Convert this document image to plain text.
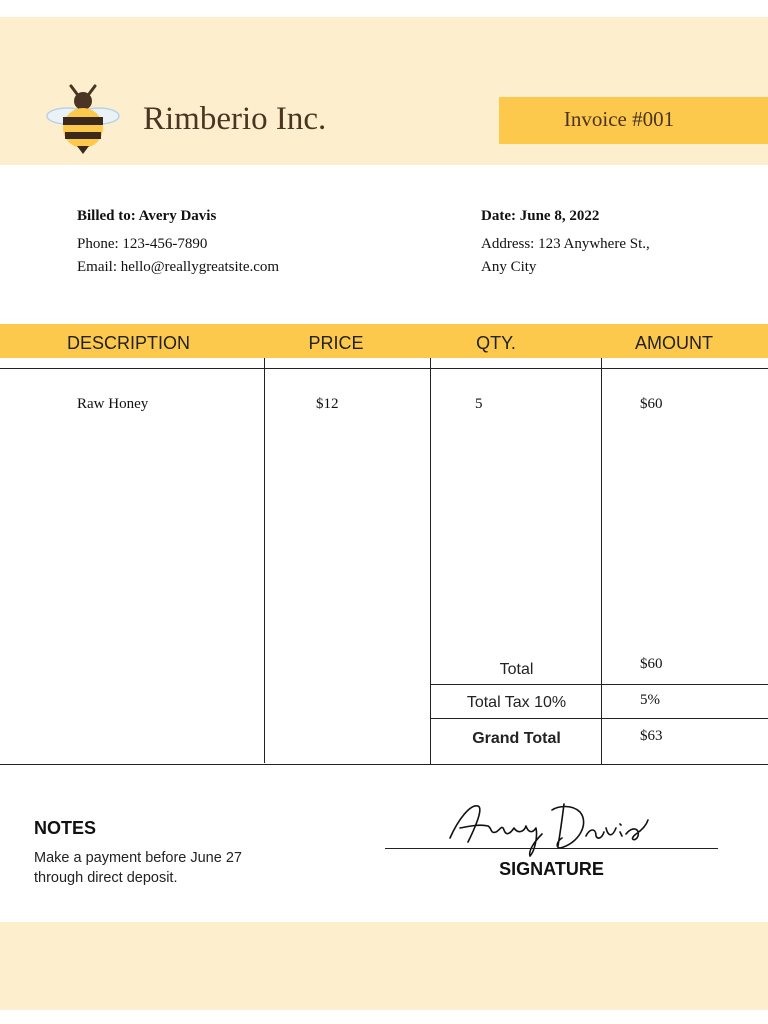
Rimberio Inc.	Invoice #001
Billed to: Avery Davis
Phone: 123-456-7890
Email: hello@reallygreatsite.com
Date: June 8, 2022
Address: 123 Anywhere St.,
Any City
DESCRIPTION	PRICE	QTY.	AMOUNT
Raw Honey	$12	5	$60
Total	$60
Total Tax 10%	5%
Grand Total	$63
NOTES
Make a payment before June 27 through direct deposit.	SIGNATURE
